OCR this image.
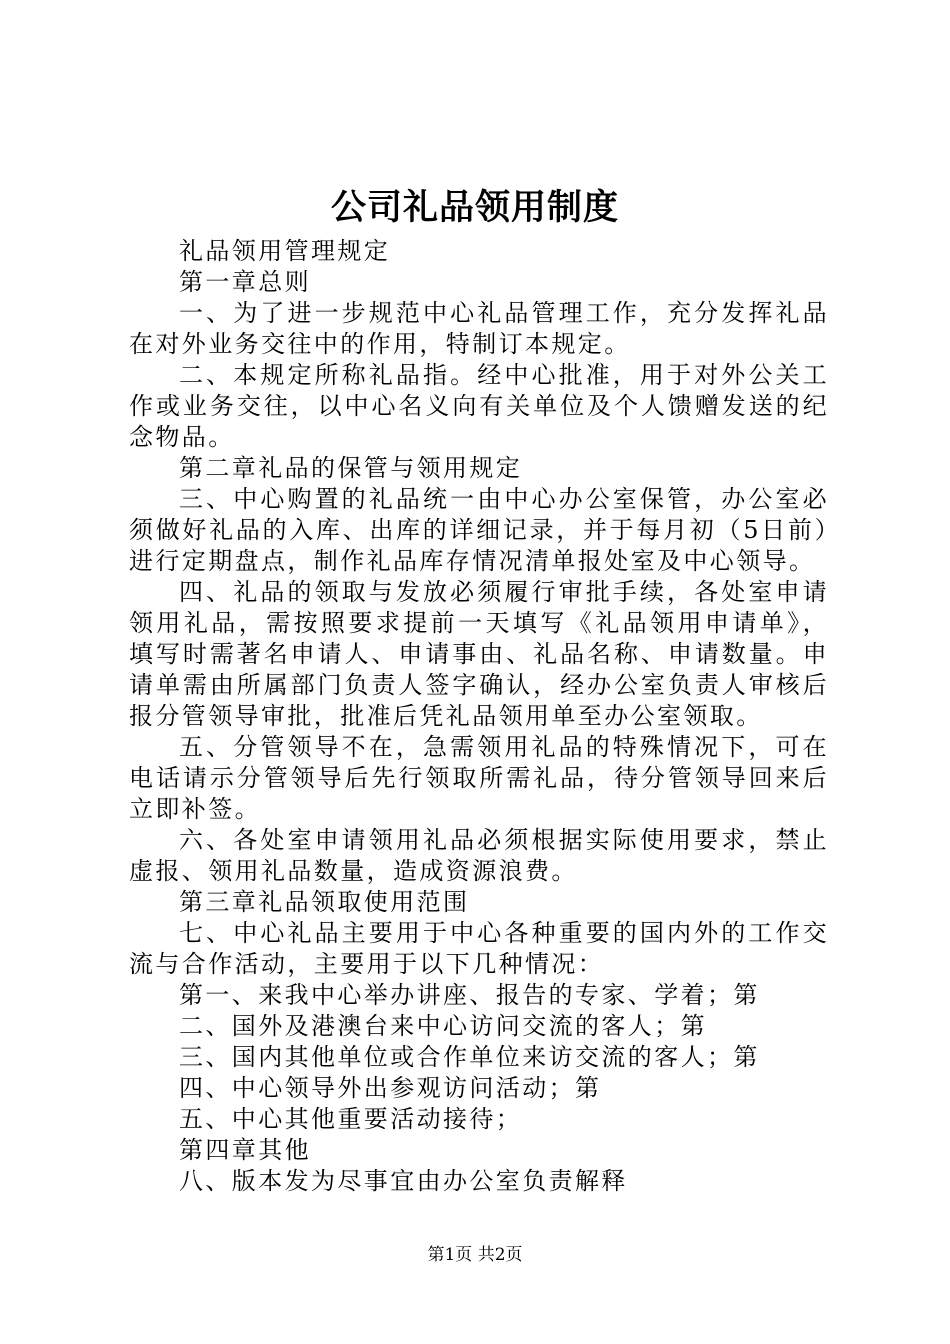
公司礼品领用制度

礼品领用管理规定

第一章总则

一、为了进一步规范中心礼品管理工作，充分发挥礼品在对外业务交往中的作用，特制订本规定。

二、本规定所称礼品指。经中心批准，用于对外公关工作或业务交往，以中心名义向有关单位及个人馈赠发送的纪念物品。

第二章礼品的保管与领用规定

三、中心购置的礼品统一由中心办公室保管，办公室必须做好礼品的入库、出库的详细记录，并于每月初（5日前）进行定期盘点，制作礼品库存情况清单报处室及中心领导。

四、礼品的领取与发放必须履行审批手续，各处室申请领用礼品，需按照要求提前一天填写《礼品领用申请单》，填写时需著名申请人、申请事由、礼品名称、申请数量。申请单需由所属部门负责人签字确认，经办公室负责人审核后报分管领导审批，批准后凭礼品领用单至办公室领取。

五、分管领导不在，急需领用礼品的特殊情况下，可在电话请示分管领导后先行领取所需礼品，待分管领导回来后立即补签。

六、各处室申请领用礼品必须根据实际使用要求，禁止虚报、领用礼品数量，造成资源浪费。

第三章礼品领取使用范围

七、中心礼品主要用于中心各种重要的国内外的工作交流与合作活动，主要用于以下几种情况：

第一、来我中心举办讲座、报告的专家、学着；第

二、国外及港澳台来中心访问交流的客人；第

三、国内其他单位或合作单位来访交流的客人；第

四、中心领导外出参观访问活动；第

五、中心其他重要活动接待；

第四章其他

八、版本发为尽事宜由办公室负责解释

第1页 共2页
